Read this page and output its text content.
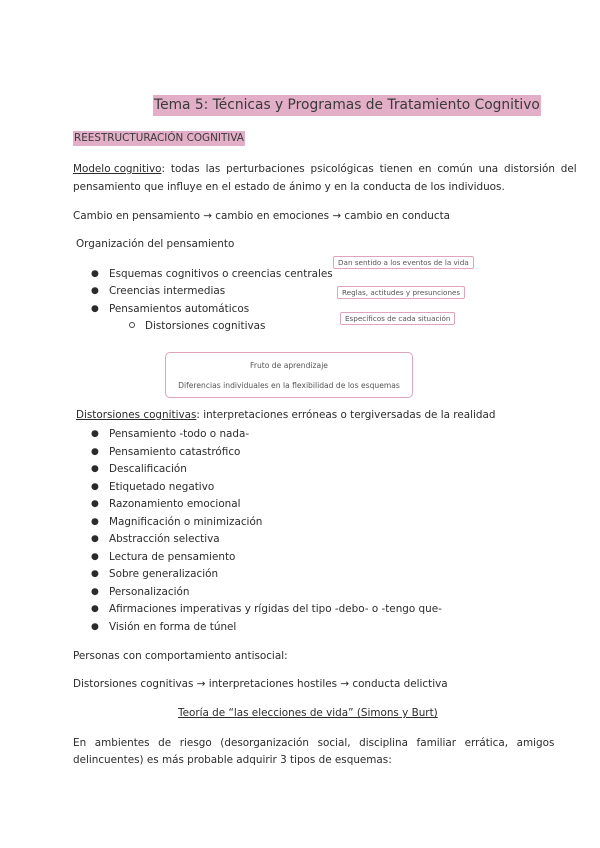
Tema 5: Técnicas y Programas de Tratamiento Cognitivo
REESTRUCTURACIÓN COGNITIVA
Modelo cognitivo: todas las perturbaciones psicológicas tienen en común una distorsión del
pensamiento que influye en el estado de ánimo y en la conducta de los individuos.
Cambio en pensamiento → cambio en emociones → cambio en conducta
Organización del pensamiento
● Esquemas cognitivos o creencias centrales
● Creencias intermedias
● Pensamientos automáticos
Distorsiones cognitivas
Dan sentido a los eventos de la vida
Reglas, actitudes y presunciones
Específicos de cada situación
Fruto de aprendizaje
Diferencias individuales en la flexibilidad de los esquemas
Distorsiones cognitivas: interpretaciones erróneas o tergiversadas de la realidad
● Pensamiento -todo o nada-
● Pensamiento catastrófico
● Descalificación
● Etiquetado negativo
● Razonamiento emocional
● Magnificación o minimización
● Abstracción selectiva
● Lectura de pensamiento
● Sobre generalización
● Personalización
● Afirmaciones imperativas y rígidas del tipo -debo- o -tengo que-
● Visión en forma de túnel
Personas con comportamiento antisocial:
Distorsiones cognitivas → interpretaciones hostiles → conducta delictiva
Teoría de “las elecciones de vida” (Simons y Burt)
En ambientes de riesgo (desorganización social, disciplina familiar errática, amigos
delincuentes) es más probable adquirir 3 tipos de esquemas:
